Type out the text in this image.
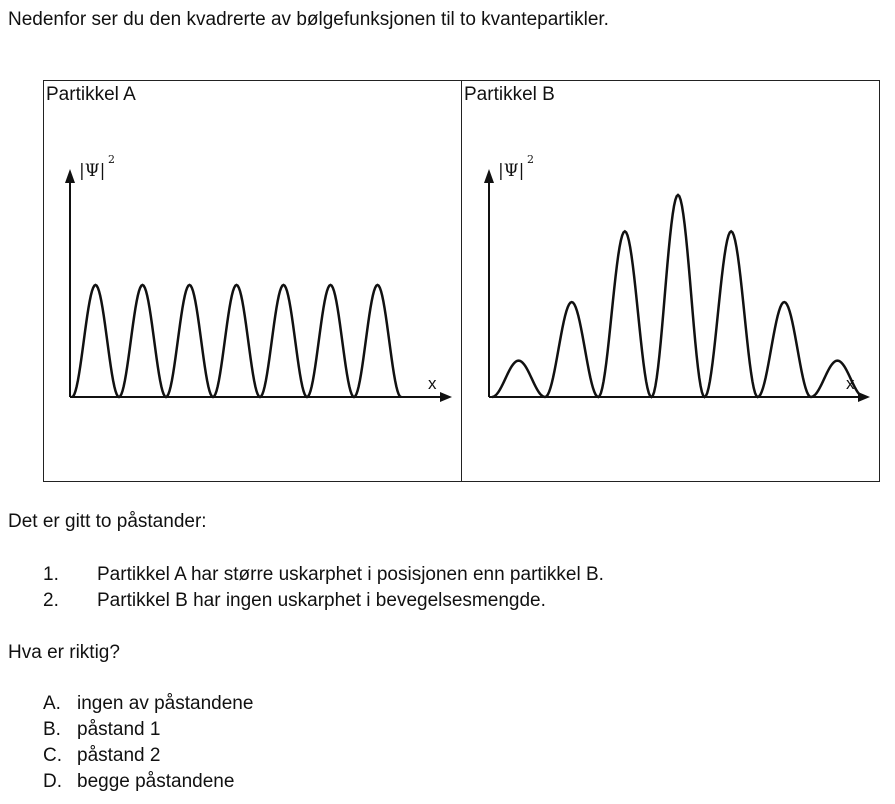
Nedenfor ser du den kvadrerte av bølgefunksjonen til to kvantepartikler.
Partikkel A
|Ψ|
2
x
Partikkel B
|Ψ|
2
x
Det er gitt to påstander:
1. Partikkel A har større uskarphet i posisjonen enn partikkel B.
2. Partikkel B har ingen uskarphet i bevegelsesmengde.
Hva er riktig?
A. ingen av påstandene
B. påstand 1
C. påstand 2
D. begge påstandene
